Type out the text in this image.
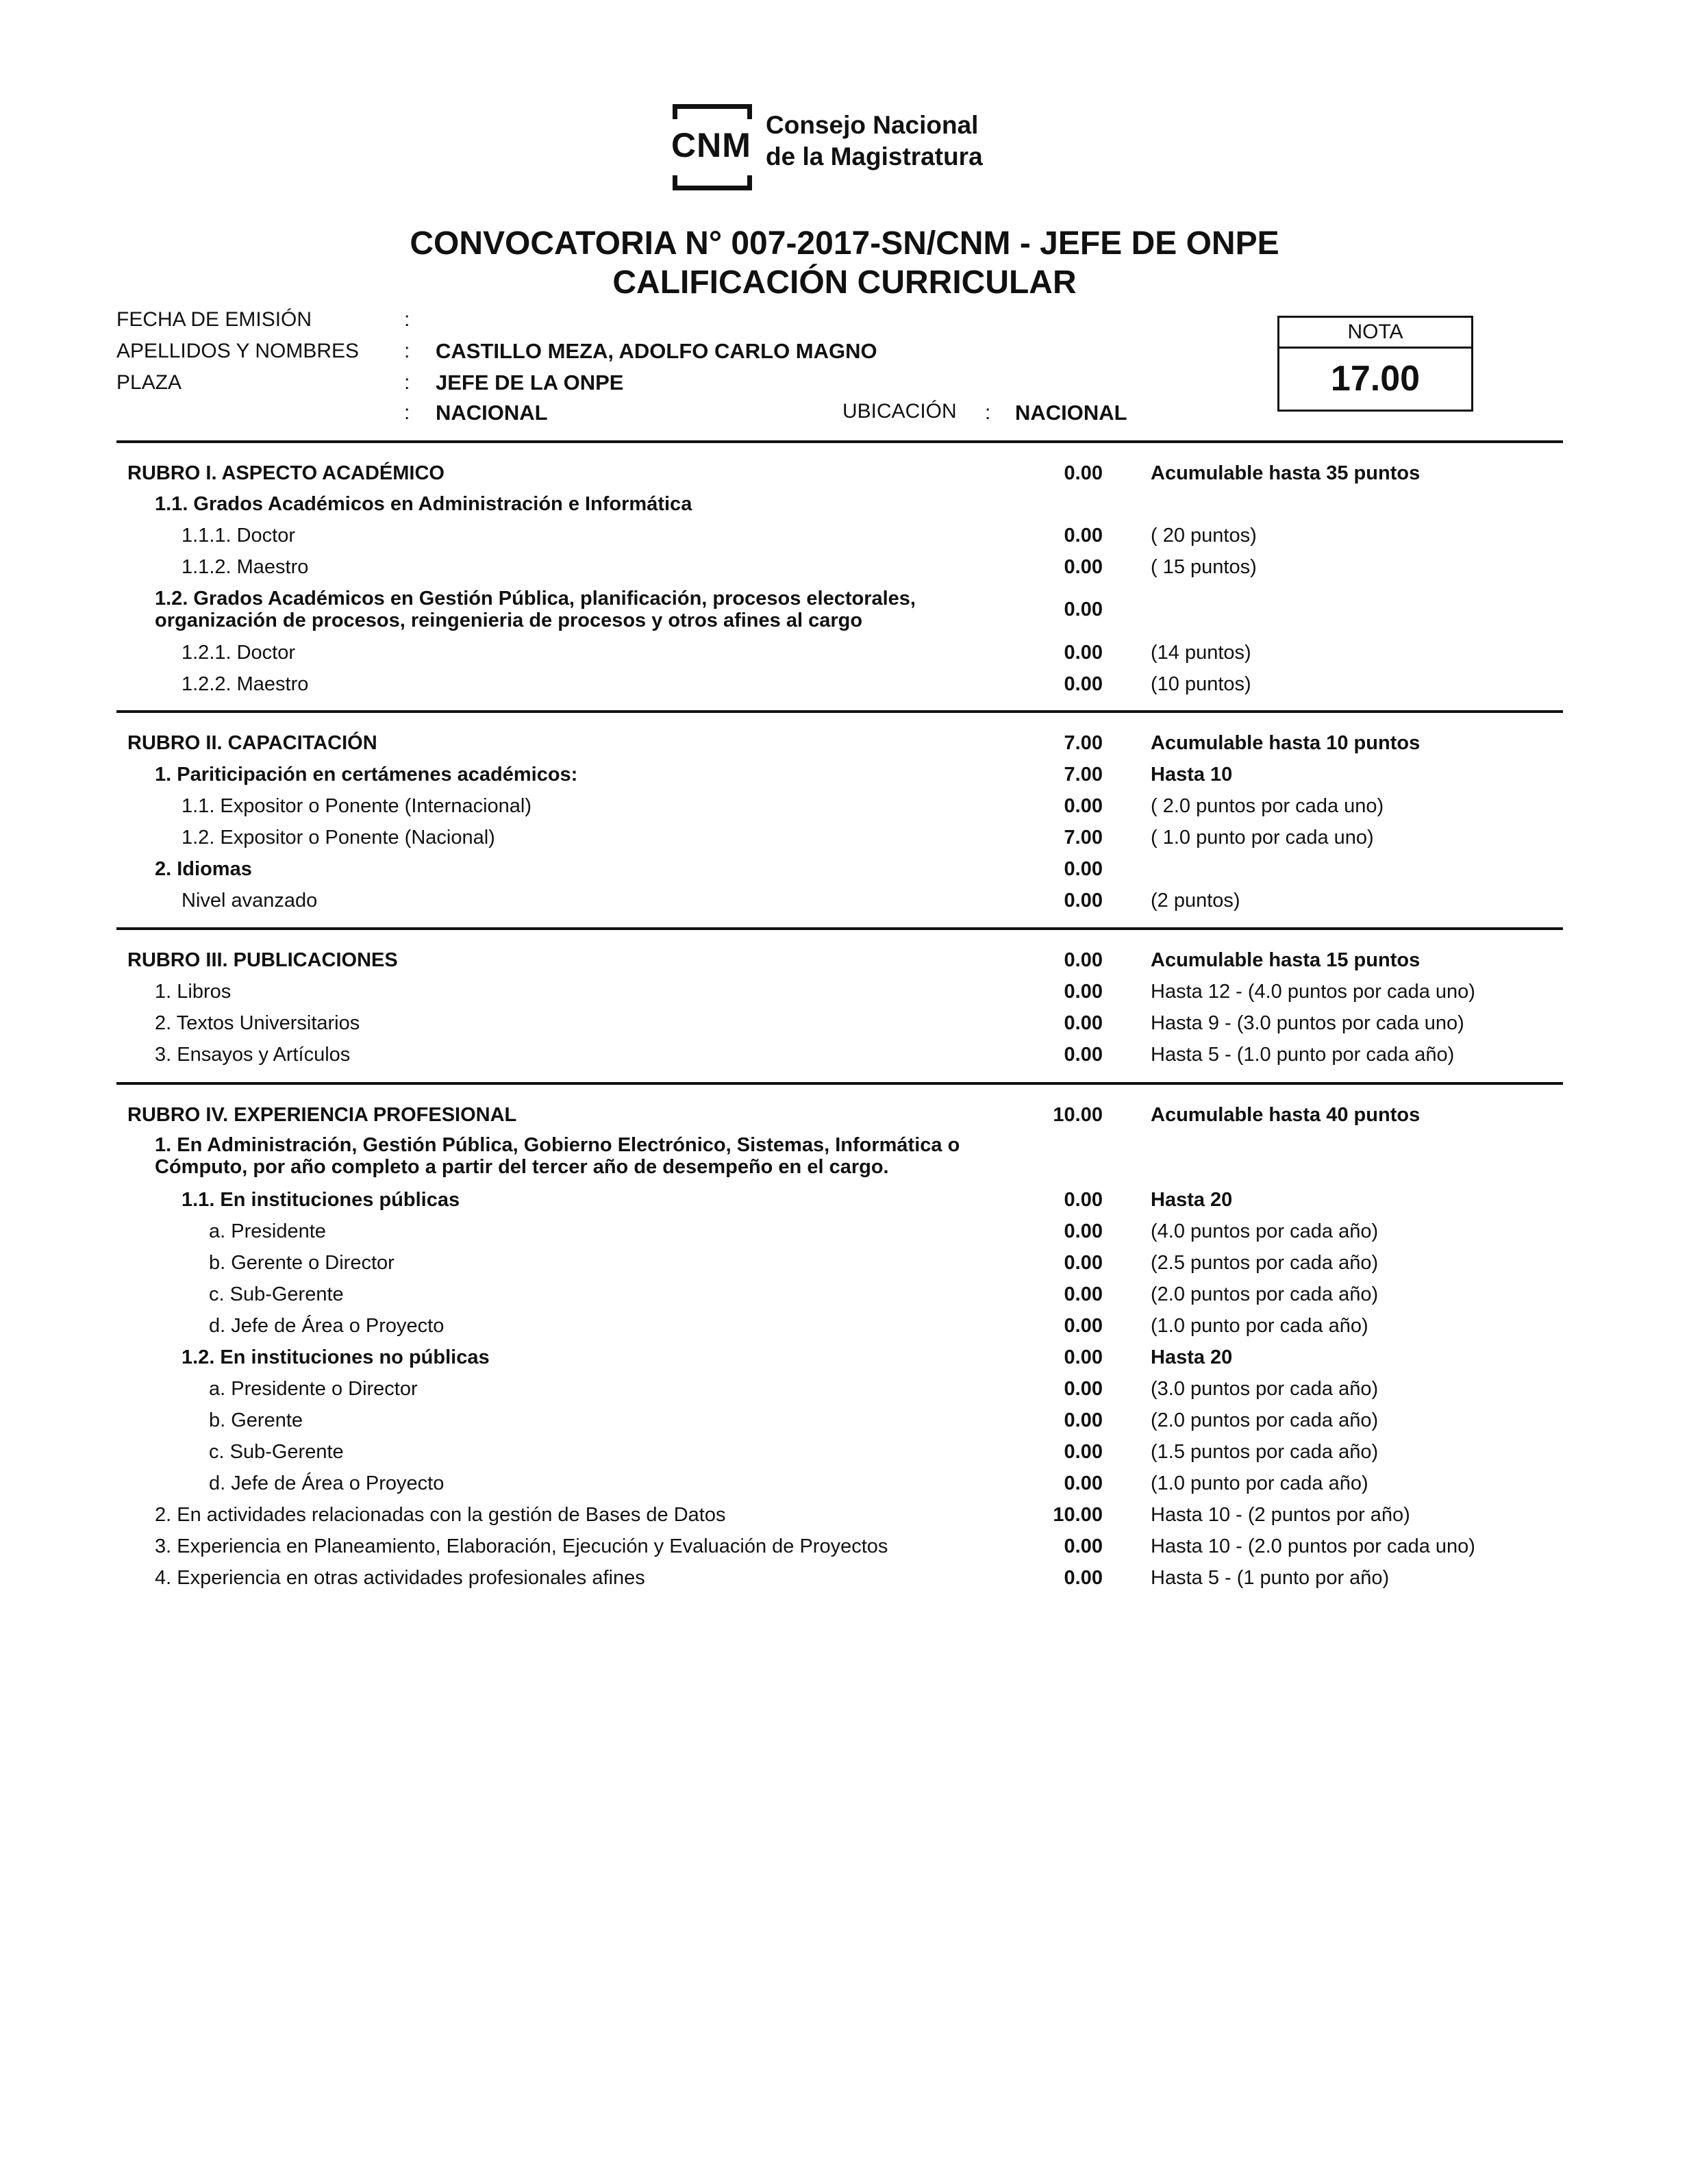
CNM
Consejo Nacional
de la Magistratura
CONVOCATORIA N° 007-2017-SN/CNM - JEFE DE ONPE
CALIFICACIÓN CURRICULAR
FECHA DE EMISIÓN	:
APELLIDOS Y NOMBRES : CASTILLO MEZA, ADOLFO CARLO MAGNO
PLAZA	: JEFE DE LA ONPE
: NACIONAL	UBICACIÓN : NACIONAL
NOTA
17.00
RUBRO I. ASPECTO ACADÉMICO	0.00 Acumulable hasta 35 puntos
1.1. Grados Académicos en Administración e Informática
1.1.1. Doctor	0.00 ( 20 puntos)
1.1.2. Maestro	0.00 ( 15 puntos)
1.2. Grados Académicos en Gestión Pública, planificación, procesos electorales,
organización de procesos, reingenieria de procesos y otros afines al cargo	0.00
1.2.1. Doctor	0.00 (14 puntos)
1.2.2. Maestro	0.00 (10 puntos)
RUBRO II. CAPACITACIÓN	7.00 Acumulable hasta 10 puntos
1. Pariticipación en certámenes académicos:	7.00 Hasta 10
1.1. Expositor o Ponente (Internacional)	0.00 ( 2.0 puntos por cada uno)
1.2. Expositor o Ponente (Nacional)	7.00 ( 1.0 punto por cada uno)
2. Idiomas	0.00
Nivel avanzado	0.00 (2 puntos)
RUBRO III. PUBLICACIONES	0.00 Acumulable hasta 15 puntos
1. Libros	0.00 Hasta 12 - (4.0 puntos por cada uno)
2. Textos Universitarios	0.00 Hasta 9 - (3.0 puntos por cada uno)
3. Ensayos y Artículos	0.00 Hasta 5 - (1.0 punto por cada año)
RUBRO IV. EXPERIENCIA PROFESIONAL	10.00 Acumulable hasta 40 puntos
1. En Administración, Gestión Pública, Gobierno Electrónico, Sistemas, Informática o
Cómputo, por año completo a partir del tercer año de desempeño en el cargo.
1.1. En instituciones públicas	0.00 Hasta 20
a. Presidente	0.00 (4.0 puntos por cada año)
b. Gerente o Director	0.00 (2.5 puntos por cada año)
c. Sub-Gerente	0.00 (2.0 puntos por cada año)
d. Jefe de Área o Proyecto	0.00 (1.0 punto por cada año)
1.2. En instituciones no públicas	0.00 Hasta 20
a. Presidente o Director	0.00 (3.0 puntos por cada año)
b. Gerente	0.00 (2.0 puntos por cada año)
c. Sub-Gerente	0.00 (1.5 puntos por cada año)
d. Jefe de Área o Proyecto	0.00 (1.0 punto por cada año)
2. En actividades relacionadas con la gestión de Bases de Datos	10.00 Hasta 10 - (2 puntos por año)
3. Experiencia en Planeamiento, Elaboración, Ejecución y Evaluación de Proyectos	0.00 Hasta 10 - (2.0 puntos por cada uno)
4. Experiencia en otras actividades profesionales afines	0.00 Hasta 5 - (1 punto por año)
